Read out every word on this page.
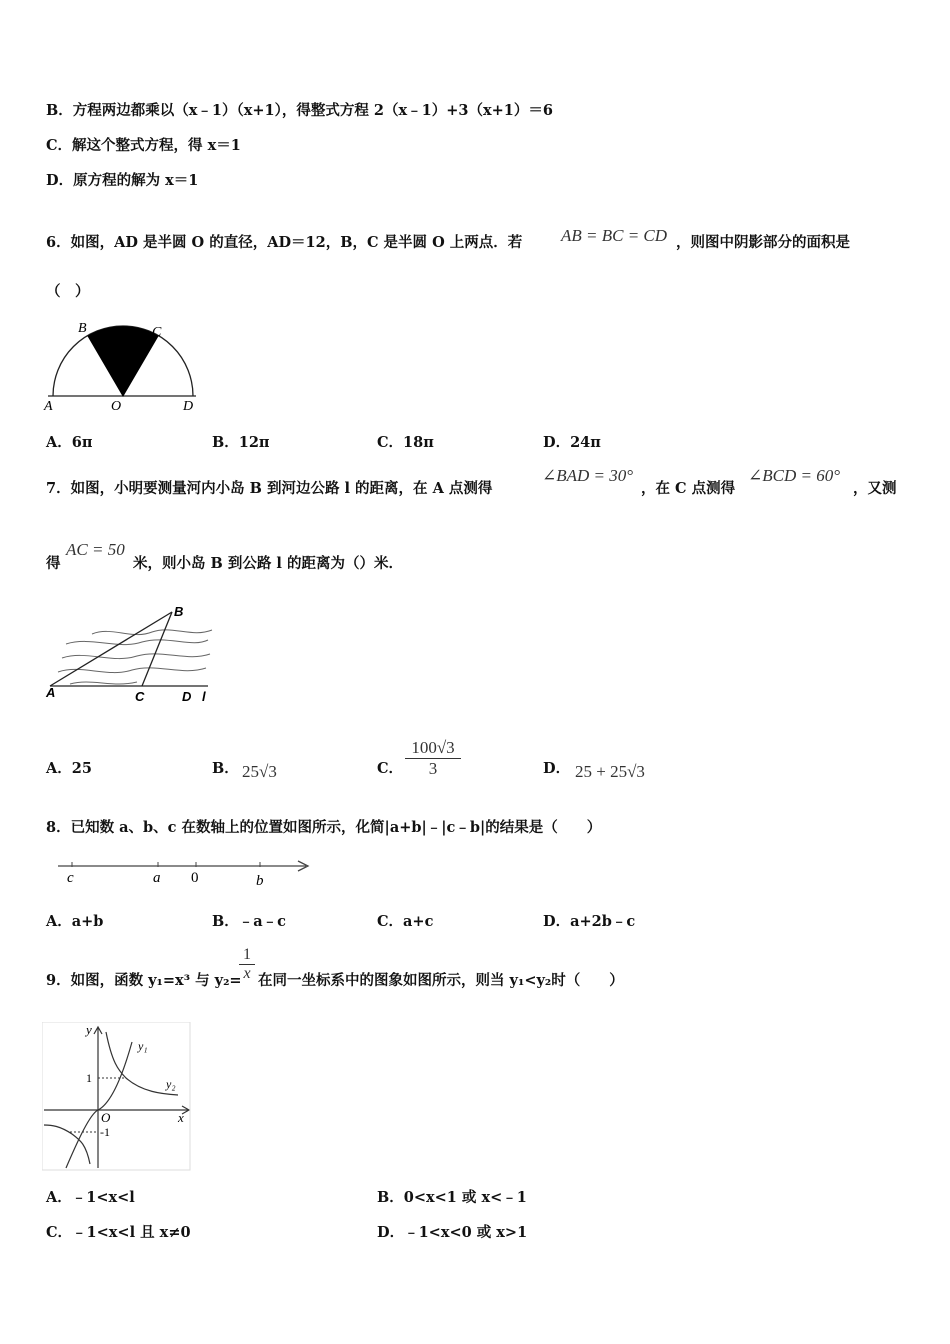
B．方程两边都乘以（x﹣1）（x+1），得整式方程 2（x﹣1）+3（x+1）＝6
C．解这个整式方程，得 x＝1
D．原方程的解为 x＝1
6．如图，AD 是半圆 O 的直径，AD＝12，B，C 是半圆 O 上两点．若 AB = BC = CD ，则图中阴影部分的面积是
（　）
B	C
A	O	D
A．6π	B．12π	C．18π	D．24π
7．如图，小明要测量河内小岛 B 到河边公路 l 的距离，在 A 点测得
∠BAD = 30°
，在 C 点测得
∠BCD = 60°
，又测
得
AC = 50
米，则小岛 B 到公路 l 的距离为（）米．
B
A	C	D l
A．25	B． 25√3	C．
100√3
3	D． 25 + 25√3
8．已知数 a、b、c 在数轴上的位置如图所示，化简|a+b|﹣|c﹣b|的结果是（　　）
c	a 0	b
A．a+b	B．﹣a﹣c	C．a+c	D．a+2b﹣c
9．如图，函数 y₁=x³ 与 y₂=
1
x 在同一坐标系中的图象如图所示，则当 y₁<y₂时（　　）
y
y₁
y₂
1
O	x
-1
A．﹣1<x<l	B．0<x<1 或 x<﹣1
C．﹣1<x<l 且 x≠0	D．﹣1<x<0 或 x>1
